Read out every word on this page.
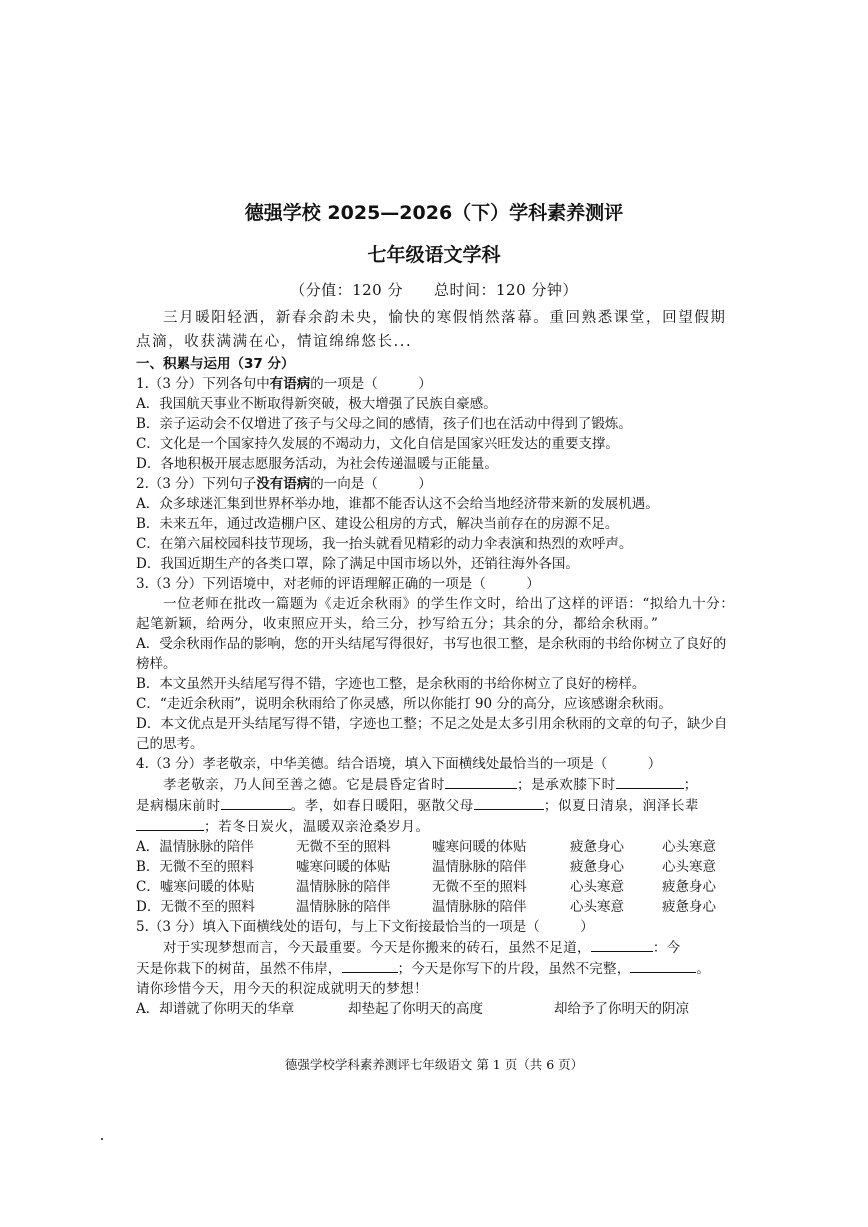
德强学校 2025—2026（下）学科素养测评
七年级语文学科
（分值：120 分　　总时间：120 分钟）
三月暖阳轻洒，新春余韵未央，愉快的寒假悄然落幕。重回熟悉课堂，回望假期点滴，收获满满在心，情谊绵绵悠长...
一、积累与运用（37 分）
1.（3 分）下列各句中有语病的一项是（　　　）
A．我国航天事业不断取得新突破，极大增强了民族自豪感。
B．亲子运动会不仅增进了孩子与父母之间的感情，孩子们也在活动中得到了锻炼。
C．文化是一个国家持久发展的不竭动力，文化自信是国家兴旺发达的重要支撑。
D．各地积极开展志愿服务活动，为社会传递温暖与正能量。
2.（3 分）下列句子没有语病的一向是（　　　）
A．众多球迷汇集到世界杯举办地，谁都不能否认这不会给当地经济带来新的发展机遇。
B．未来五年，通过改造棚户区、建设公租房的方式，解决当前存在的房源不足。
C．在第六届校园科技节现场，我一抬头就看见精彩的动力伞表演和热烈的欢呼声。
D．我国近期生产的各类口罩，除了满足中国市场以外，还销往海外各国。
3.（3 分）下列语境中，对老师的评语理解正确的一项是（　　　）
一位老师在批改一篇题为《走近余秋雨》的学生作文时，给出了这样的评语：“拟给九十分：起笔新颖，给两分，收束照应开头，给三分，抄写给五分；其余的分，都给余秋雨。”
A．受余秋雨作品的影响，您的开头结尾写得很好，书写也很工整，是余秋雨的书给你树立了良好的榜样。
B．本文虽然开头结尾写得不错，字迹也工整，是余秋雨的书给你树立了良好的榜样。
C．“走近余秋雨”，说明余秋雨给了你灵感，所以你能打 90 分的高分，应该感谢余秋雨。
D．本文优点是开头结尾写得不错，字迹也工整；不足之处是太多引用余秋雨的文章的句子，缺少自己的思考。
4.（3 分）孝老敬亲，中华美德。结合语境，填入下面横线处最恰当的一项是（　　　）
孝老敬亲，乃人间至善之德。它是晨昏定省时	；是承欢膝下时	；
是病榻床前时	。孝，如春日暖阳，驱散父母	；似夏日清泉，润泽长辈
；若冬日炭火，温暖双亲沧桑岁月。
A．温情脉脉的陪伴	无微不至的照料	嘘寒问暖的体贴	疲惫身心	心头寒意
B．无微不至的照料	嘘寒问暖的体贴	温情脉脉的陪伴	疲惫身心	心头寒意
C．嘘寒问暖的体贴	温情脉脉的陪伴	无微不至的照料	心头寒意	疲惫身心
D．无微不至的照料	温情脉脉的陪伴	温情脉脉的陪伴	心头寒意	疲惫身心
5.（3 分）填入下面横线处的语句，与上下文衔接最恰当的一项是（　　　）
对于实现梦想而言，今天最重要。今天是你搬来的砖石，虽然不足道，	：今
天是你栽下的树苗，虽然不伟岸，	；今天是你写下的片段，虽然不完整，	。
请你珍惜今天，用今天的积淀成就明天的梦想！
A．却谱就了你明天的华章	却垫起了你明天的高度	却给予了你明天的阴凉
德强学校学科素养测评七年级语文 第 1 页（共 6 页）
